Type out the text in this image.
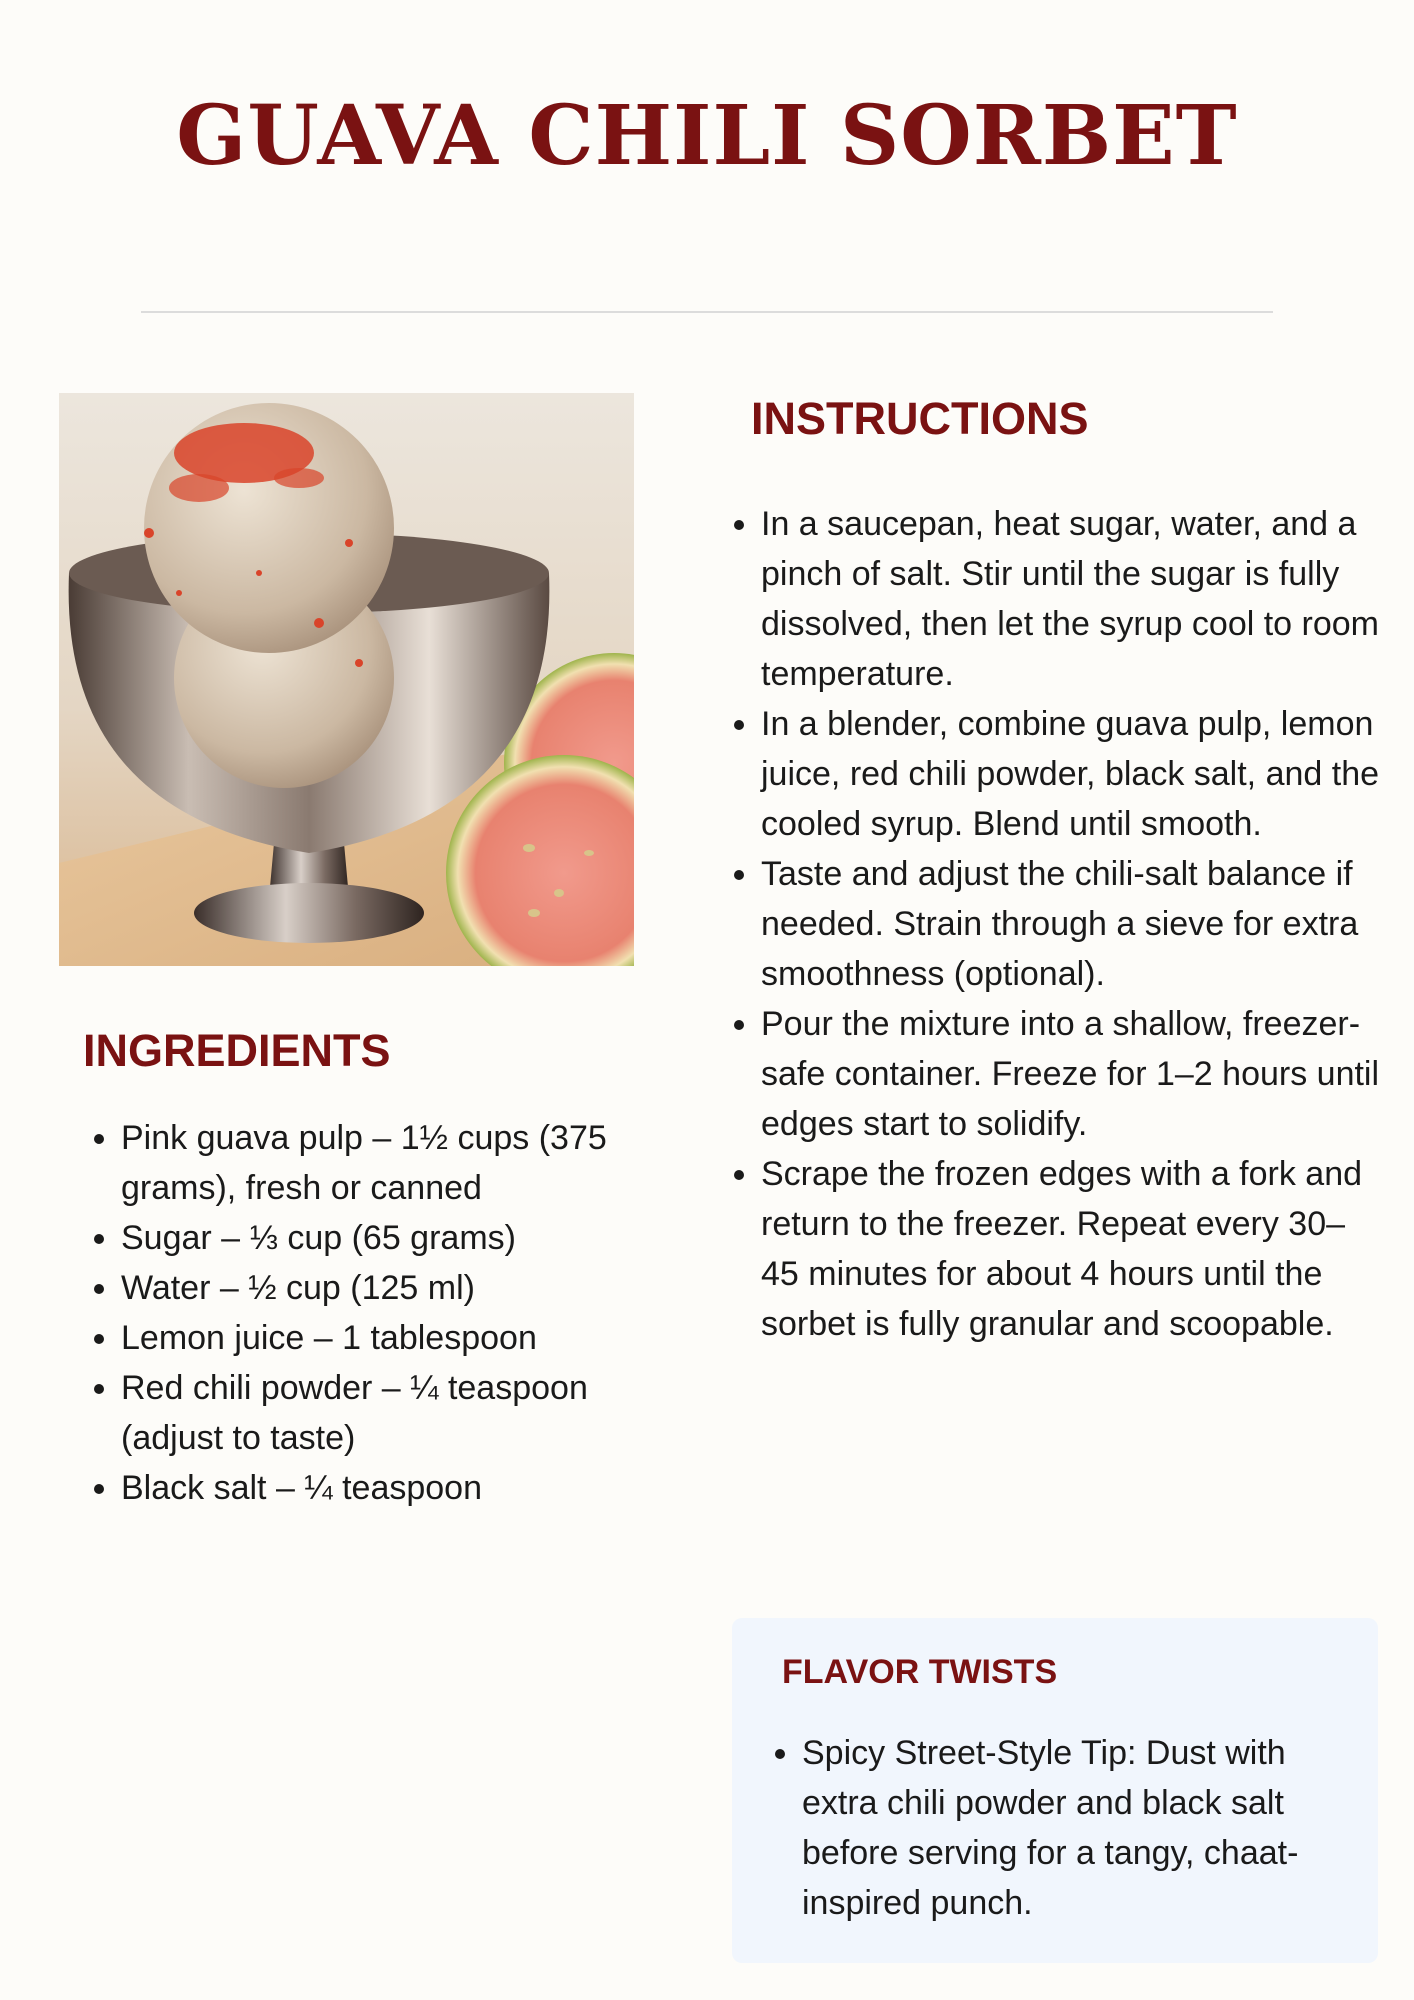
GUAVA CHILI SORBET
INGREDIENTS
• Pink guava pulp – 1½ cups (375 grams), fresh or canned
• Sugar – ⅓ cup (65 grams)
• Water – ½ cup (125 ml)
• Lemon juice – 1 tablespoon
• Red chili powder – ¼ teaspoon (adjust to taste)
• Black salt – ¼ teaspoon
INSTRUCTIONS
• In a saucepan, heat sugar, water, and a pinch of salt. Stir until the sugar is fully dissolved, then let the syrup cool to room temperature.
• In a blender, combine guava pulp, lemon juice, red chili powder, black salt, and the cooled syrup. Blend until smooth.
• Taste and adjust the chili-salt balance if needed. Strain through a sieve for extra smoothness (optional).
• Pour the mixture into a shallow, freezer-safe container. Freeze for 1–2 hours until edges start to solidify.
• Scrape the frozen edges with a fork and return to the freezer. Repeat every 30–45 minutes for about 4 hours until the sorbet is fully granular and scoopable.
FLAVOR TWISTS
• Spicy Street-Style Tip: Dust with extra chili powder and black salt before serving for a tangy, chaat-inspired punch.
